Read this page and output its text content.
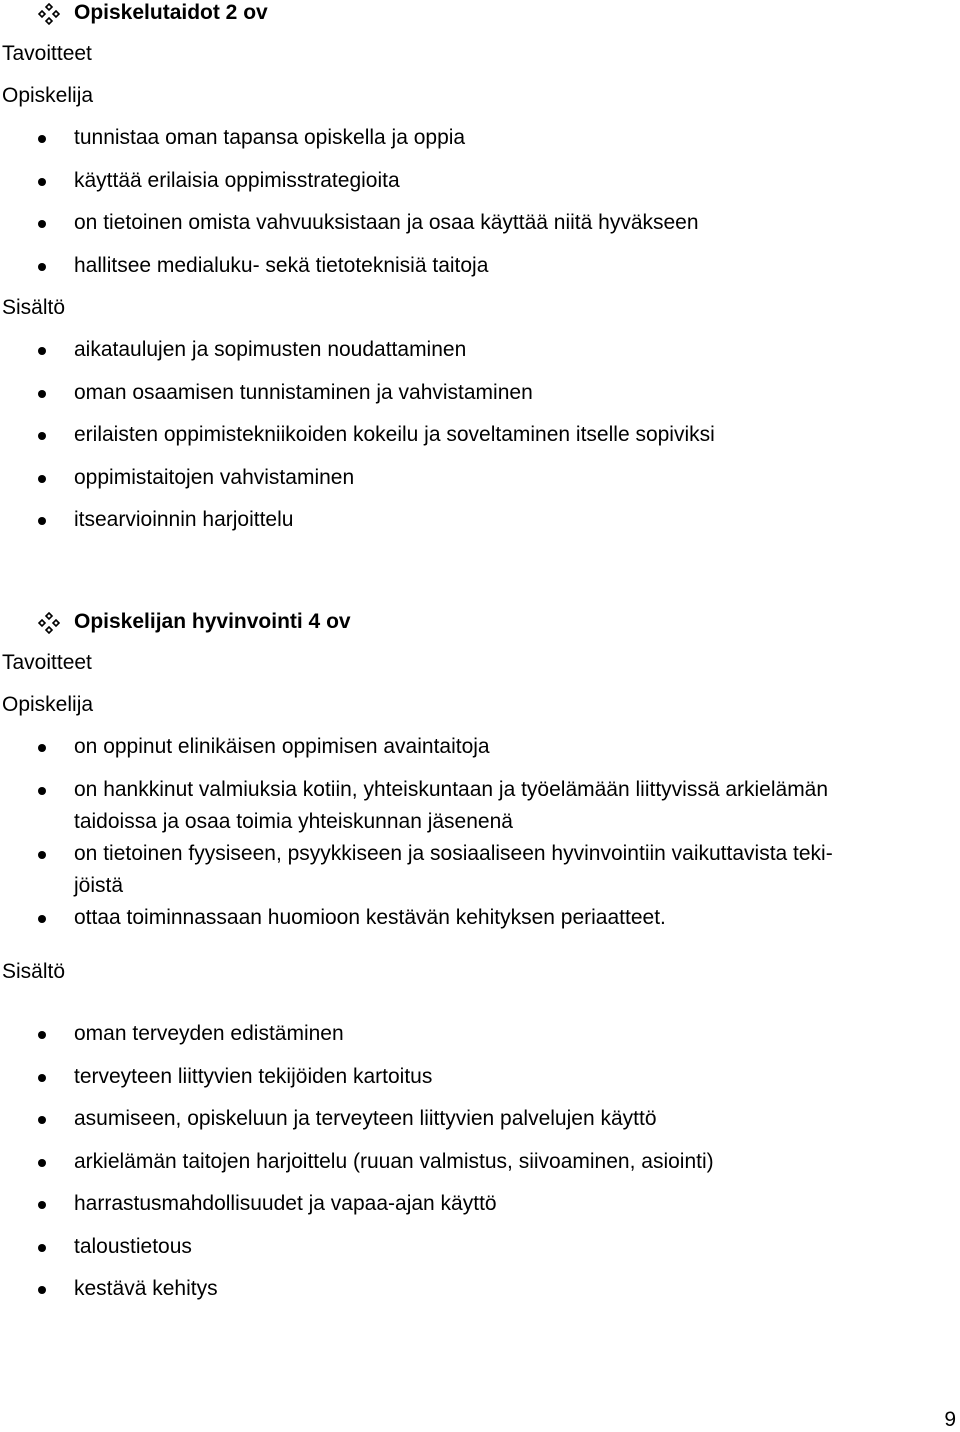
Opiskelutaidot 2 ov
Tavoitteet
Opiskelija
tunnistaa oman tapansa opiskella ja oppia
käyttää erilaisia oppimisstrategioita
on tietoinen omista vahvuuksistaan ja osaa käyttää niitä hyväkseen
hallitsee medialuku- sekä tietoteknisiä taitoja
Sisältö
aikataulujen ja sopimusten noudattaminen
oman osaamisen tunnistaminen ja vahvistaminen
erilaisten oppimistekniikoiden kokeilu ja soveltaminen itselle sopiviksi
oppimistaitojen vahvistaminen
itsearvioinnin harjoittelu
Opiskelijan hyvinvointi 4 ov
Tavoitteet
Opiskelija
on oppinut elinikäisen oppimisen avaintaitoja
on hankkinut valmiuksia kotiin, yhteiskuntaan ja työelämään liittyvissä arkielämän
taidoissa ja osaa toimia yhteiskunnan jäsenenä
on tietoinen fyysiseen, psyykkiseen ja sosiaaliseen hyvinvointiin vaikuttavista teki-
jöistä
ottaa toiminnassaan huomioon kestävän kehityksen periaatteet.
Sisältö
oman terveyden edistäminen
terveyteen liittyvien tekijöiden kartoitus
asumiseen, opiskeluun ja terveyteen liittyvien palvelujen käyttö
arkielämän taitojen harjoittelu (ruuan valmistus, siivoaminen, asiointi)
harrastusmahdollisuudet ja vapaa-ajan käyttö
taloustietous
kestävä kehitys
9
